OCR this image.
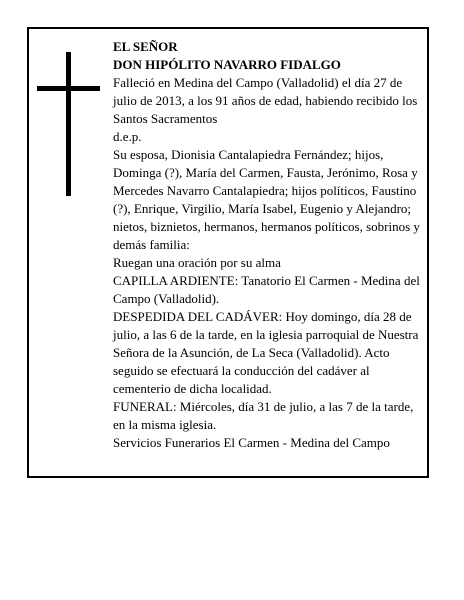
EL SEÑOR

DON HIPÓLITO NAVARRO FIDALGO

Falleció en Medina del Campo (Valladolid) el día 27 de julio de 2013, a los 91 años de edad, habiendo recibido los Santos Sacramentos

d.e.p.

Su esposa, Dionisia Cantalapiedra Fernández; hijos, Dominga (?), María del Carmen, Fausta, Jerónimo, Rosa y Mercedes Navarro Cantalapiedra; hijos políticos, Faustino (?), Enrique, Virgilio, María Isabel, Eugenio y Alejandro; nietos, biznietos, hermanos, hermanos políticos, sobrinos y demás familia:

Ruegan una oración por su alma

CAPILLA ARDIENTE: Tanatorio El Carmen - Medina del Campo (Valladolid).

DESPEDIDA DEL CADÁVER: Hoy domingo, día 28 de julio, a las 6 de la tarde, en la iglesia parroquial de Nuestra Señora de la Asunción, de La Seca (Valladolid). Acto seguido se efectuará la conducción del cadáver al cementerio de dicha localidad.

FUNERAL: Miércoles, día 31 de julio, a las 7 de la tarde, en la misma iglesia.

Servicios Funerarios El Carmen - Medina del Campo
